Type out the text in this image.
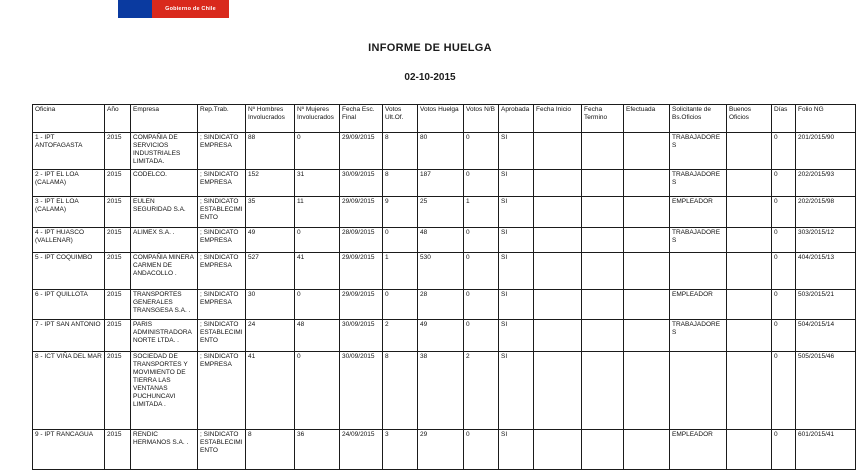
Gobierno de Chile
INFORME DE HUELGA
02-10-2015
Oficina	Año	Empresa	Rep.Trab.	Nº Hombres Involucrados	Nº Mujeres Involucrados	Fecha Esc. Final	Votos Ult.Of.	Votos Huelga	Votos N/B	Aprobada	Fecha Inicio	Fecha Termino	Efectuada	Solicitante de Bs.Oficios	Buenos Oficios	Días	Folio NG
1 - IPT ANTOFAGASTA	2015	COMPAÑIA DE SERVICIOS INDUSTRIALES LIMITADA.	; SINDICATO EMPRESA	88	0	29/09/2015	8	80	0	SI				TRABAJADORES		0	201/2015/90
2 - IPT EL LOA (CALAMA)	2015	CODELCO.	; SINDICATO EMPRESA	152	31	30/09/2015	8	187	0	SI				TRABAJADORES		0	202/2015/93
3 - IPT EL LOA (CALAMA)	2015	EULEN SEGURIDAD S.A.	; SINDICATO ESTABLECIMIENTO	35	11	29/09/2015	9	25	1	SI				EMPLEADOR		0	202/2015/98
4 - IPT HUASCO (VALLENAR)	2015	ALIMEX S.A. .	; SINDICATO EMPRESA	49	0	28/09/2015	0	48	0	SI				TRABAJADORES		0	303/2015/12
5 - IPT COQUIMBO	2015	COMPAÑIA MINERA CARMEN DE ANDACOLLO .	; SINDICATO EMPRESA	527	41	29/09/2015	1	530	0	SI						0	404/2015/13
6 - IPT QUILLOTA	2015	TRANSPORTES GENERALES TRANSGESA S.A. .	; SINDICATO EMPRESA	30	0	29/09/2015	0	28	0	SI				EMPLEADOR		0	503/2015/21
7 - IPT SAN ANTONIO	2015	PARIS ADMINISTRADORA NORTE LTDA. .	; SINDICATO ESTABLECIMIENTO	24	48	30/09/2015	2	49	0	SI				TRABAJADORES		0	504/2015/14
8 - ICT VIÑA DEL MAR	2015	SOCIEDAD DE TRANSPORTES Y MOVIMIENTO DE TIERRA LAS VENTANAS PUCHUNCAVI LIMITADA .	; SINDICATO EMPRESA	41	0	30/09/2015	8	38	2	SI						0	505/2015/46
9 - IPT RANCAGUA	2015	RENDIC HERMANOS S.A. .	; SINDICATO ESTABLECIMIENTO	8	36	24/09/2015	3	29	0	SI				EMPLEADOR		0	601/2015/41
